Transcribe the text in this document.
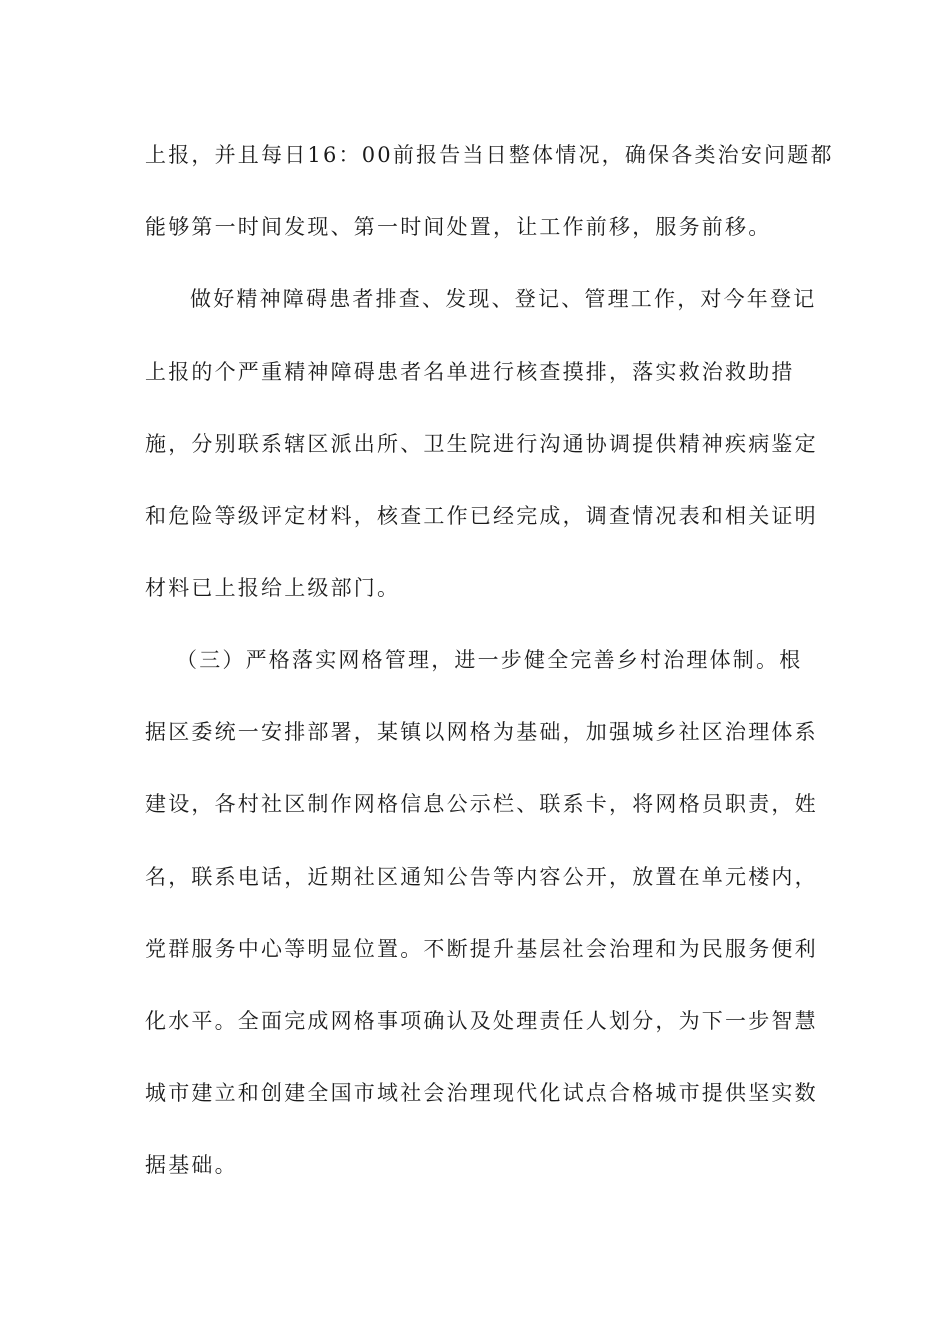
上报，并且每日16：00前报告当日整体情况，确保各类治安问题都
能够第一时间发现、第一时间处置，让工作前移，服务前移。
做好精神障碍患者排查、发现、登记、管理工作，对今年登记
上报的个严重精神障碍患者名单进行核查摸排，落实救治救助措
施，分别联系辖区派出所、卫生院进行沟通协调提供精神疾病鉴定
和危险等级评定材料，核查工作已经完成，调查情况表和相关证明
材料已上报给上级部门。
（三）严格落实网格管理，进一步健全完善乡村治理体制。根
据区委统一安排部署，某镇以网格为基础，加强城乡社区治理体系
建设，各村社区制作网格信息公示栏、联系卡，将网格员职责，姓
名，联系电话，近期社区通知公告等内容公开，放置在单元楼内，
党群服务中心等明显位置。不断提升基层社会治理和为民服务便利
化水平。全面完成网格事项确认及处理责任人划分，为下一步智慧
城市建立和创建全国市域社会治理现代化试点合格城市提供坚实数
据基础。
